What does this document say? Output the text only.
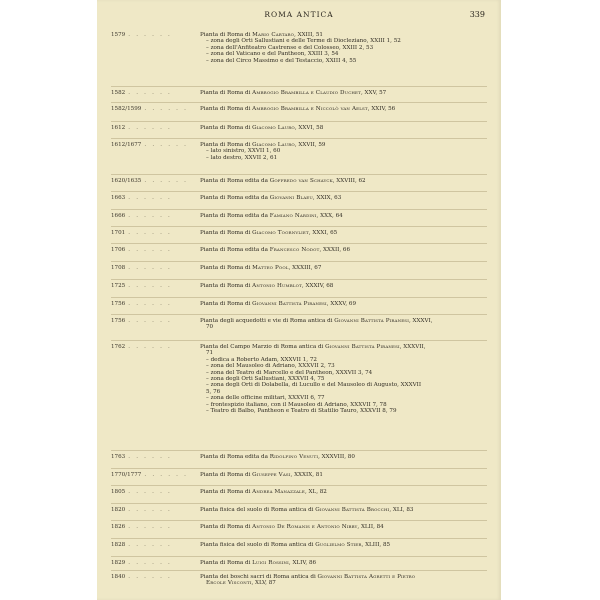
ROMA ANTICA	339
1579 . . . . . .	Pianta di Roma di Mario Cartaro, XXIII, 51
– zona degli Orti Sallustiani e delle Terme di Diocleziano, XXIII 1, 52
– zona dell'Anfiteatro Castrense e del Colosseo, XXIII 2, 53
– zona del Vaticano e del Pantheon, XXIII 3, 54
– zona del Circo Massimo e del Testaccio, XXIII 4, 55
1582 . . . . . .	Pianta di Roma di Ambrogio Brambilla e Claudio Duchet, XXV, 57
1582/1599 . . . . . . Pianta di Roma di Ambrogio Brambilla e Niccolò van Aelst, XXIV, 56
1612 . . . . . .	Pianta di Roma di Giacomo Lauro, XXVI, 58
1612/1677 . . . . . . Pianta di Roma di Giacomo Lauro, XXVII, 59
– lato sinistro, XXVII 1, 60
– lato destro, XXVII 2, 61
1620/1635 . . . . . . Pianta di Roma edita da Goffredo van Schayck, XXVIII, 62
1663 . . . . . .	Pianta di Roma edita da Giovanni Blaeu, XXIX, 63
1666 . . . . . .	Pianta di Roma edita da Famiano Nardini, XXX, 64
1701 . . . . . .	Pianta di Roma di Giacomo Toornvliet, XXXI, 65
1706 . . . . . .	Pianta di Roma edita da Francesco Nodot, XXXII, 66
1708 . . . . . .	Pianta di Roma di Matteo Pool, XXXIII, 67
1725 . . . . . .	Pianta di Roma di Antonio Humblot, XXXIV, 68
1756 . . . . . .	Pianta di Roma di Giovanni Battista Piranesi, XXXV, 69
1756 . . . . . .	Pianta degli acquedotti e vie di Roma antica di Giovanni Battista Piranesi, XXXVI,
70
1762 . . . . . .	Pianta del Campo Marzio di Roma antica di Giovanni Battista Piranesi, XXXVII,
71
– dedica a Roberto Adam, XXXVII 1, 72
– zona del Mausoleo di Adriano, XXXVII 2, 73
– zona del Teatro di Marcello e del Pantheon, XXXVII 3, 74
– zona degli Orti Sallustiani, XXXVII 4, 75
– zona degli Orti di Dolabella, di Lucullo e del Mausoleo di Augusto, XXXVII
5, 76
– zona delle officine militari, XXXVII 6, 77
– frontespizio italiano, con il Mausoleo di Adriano, XXXVII 7, 78
– Teatro di Balbo, Pantheon e Teatro di Statilio Tauro, XXXVII 8, 79
1763 . . . . . .	Pianta di Roma edita da Ridolfino Venuti, XXXVIII, 80
1770/1777 . . . . . . Pianta di Roma di Giuseppe Vasi, XXXIX, 81
1805 . . . . . .	Pianta di Roma di Andrea Manazzale, XL, 82
1820 . . . . . .	Pianta fisica del suolo di Roma antica di Giovanni Battista Brocchi, XLI, 83
1826 . . . . . .	Pianta di Roma di Antonio De Romanis e Antonio Nibby, XLII, 84
1828 . . . . . .	Pianta fisica del suolo di Roma antica di Guglielmo Stier, XLIII, 85
1829 . . . . . .	Pianta di Roma di Luigi Rossini, XLIV, 86
1840 . . . . . .	Pianta dei boschi sacri di Roma antica di Giovanni Battista Agretti e Pietro
Ercole Visconti, XLV, 87
